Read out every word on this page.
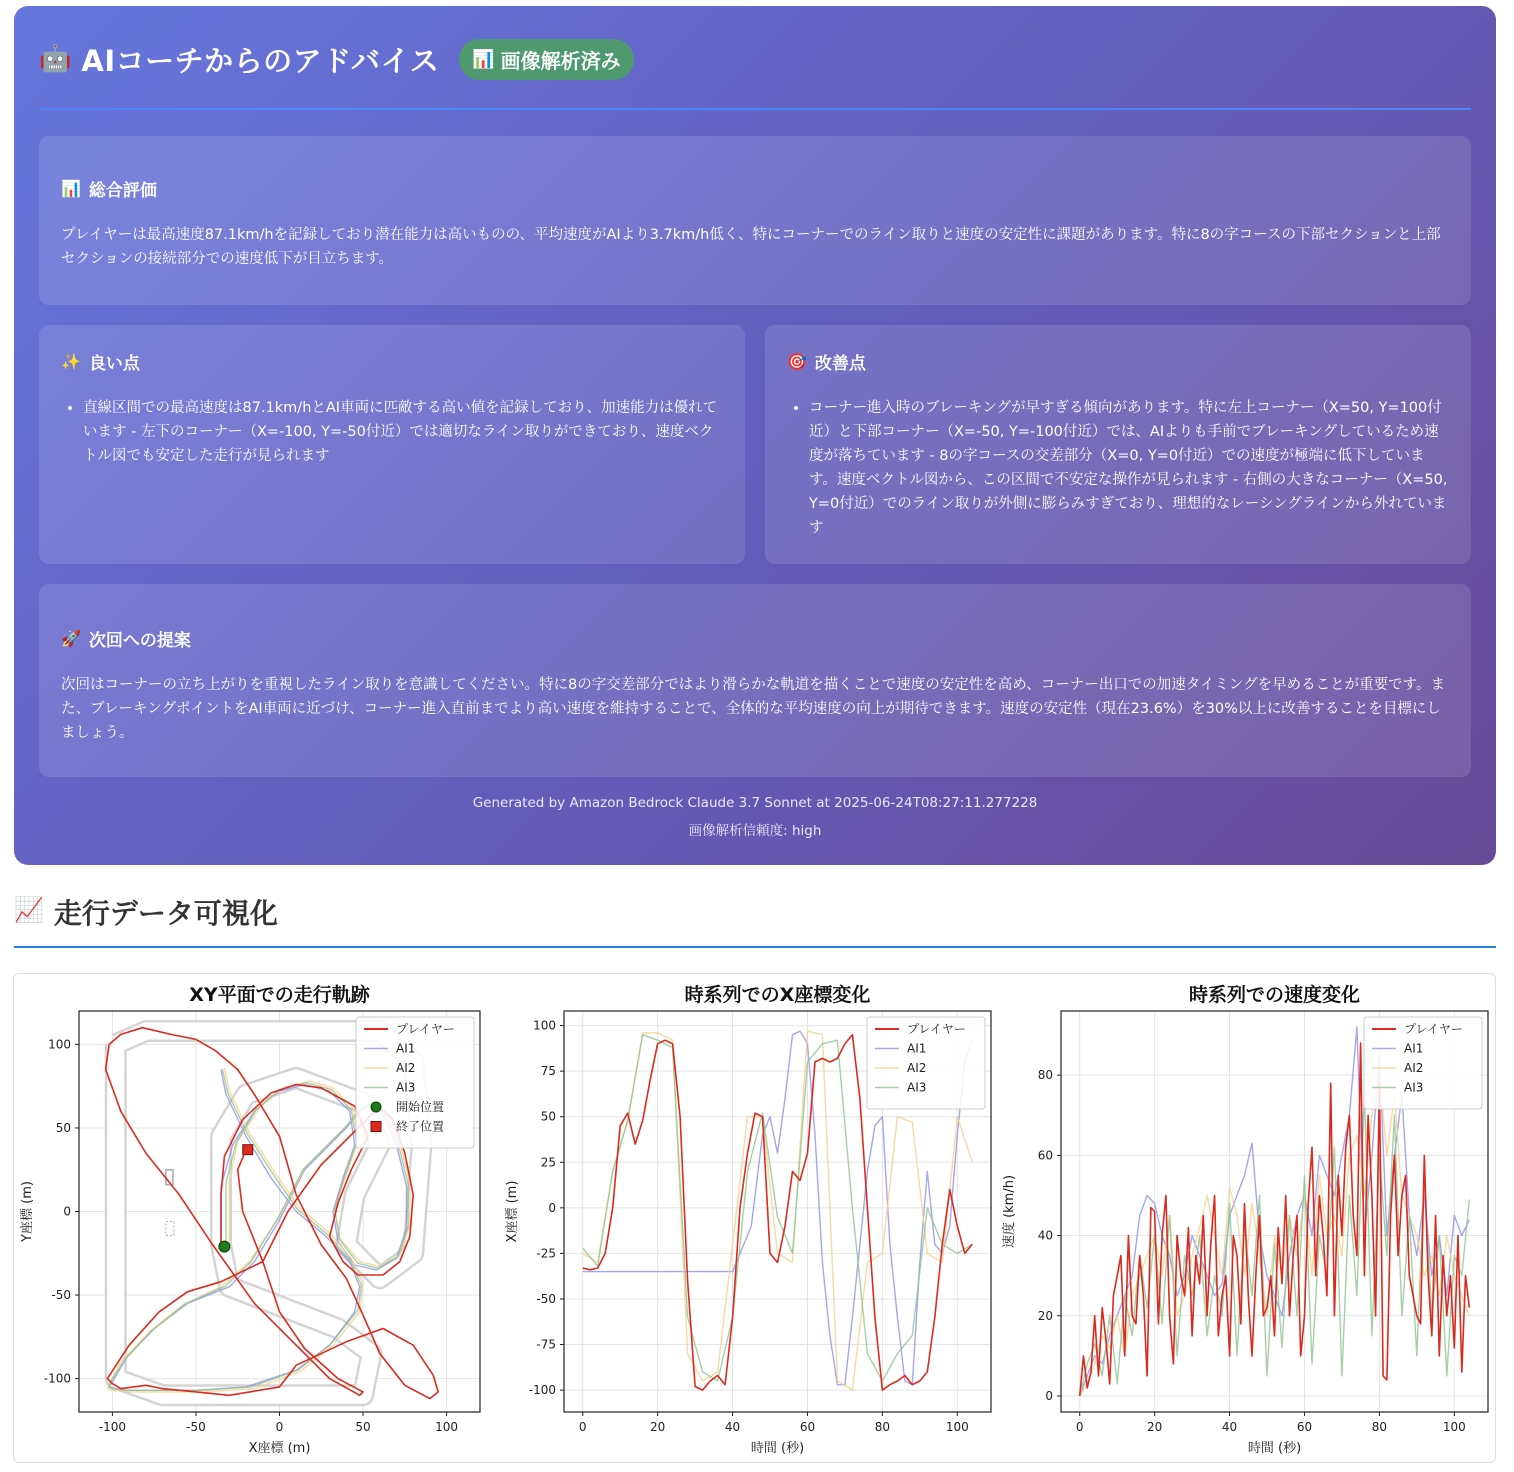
🤖 AIコーチからのアドバイス 📊 画像解析済み
📊 総合評価

プレイヤーは最高速度87.1km/hを記録しており潜在能力は高いものの、平均速度がAIより3.7km/h低く、特にコーナーでのライン取りと速度の安定性に課題があります。特に8の字コースの下部セクションと上部セクションの接続部分での速度低下が目立ちます。

✨ 良い点
• 直線区間での最高速度は87.1km/hとAI車両に匹敵する高い値を記録しており、加速能力は優れています - 左下のコーナー（X=-100, Y=-50付近）では適切なライン取りができており、速度ベクトル図でも安定した走行が見られます
🎯 改善点
• コーナー進入時のブレーキングが早すぎる傾向があります。特に左上コーナー（X=50, Y=100付近）と下部コーナー（X=-50, Y=-100付近）では、AIよりも手前でブレーキングしているため速度が落ちています - 8の字コースの交差部分（X=0, Y=0付近）での速度が極端に低下しています。速度ベクトル図から、この区間で不安定な操作が見られます - 右側の大きなコーナー（X=50, Y=0付近）でのライン取りが外側に膨らみすぎており、理想的なレーシングラインから外れています
🚀 次回への提案

次回はコーナーの立ち上がりを重視したライン取りを意識してください。特に8の字交差部分ではより滑らかな軌道を描くことで速度の安定性を高め、コーナー出口での加速タイミングを早めることが重要です。また、ブレーキングポイントをAI車両に近づけ、コーナー進入直前までより高い速度を維持することで、全体的な平均速度の向上が期待できます。速度の安定性（現在23.6%）を30%以上に改善することを目標にしましょう。

Generated by Amazon Bedrock Claude 3.7 Sonnet at 2025-06-24T08:27:11.277228
画像解析信頼度: high
📈 走行データ可視化
XY平面での走行軌跡
-100	-50	0	50	100
-100
-50
0
50
100
X座標 (m)
Y座標 (m)
プレイヤー
AI1
AI2
AI3
開始位置
終了位置
時系列でのX座標変化
0	20	40	60	80	100
-100
-75
-50
-25
0
25
50
75
100
時間 (秒)
X座標 (m)
プレイヤー
AI1
AI2
AI3
時系列での速度変化
0	20	40	60	80	100
0
20
40
60
80
時間 (秒)
速度 (km/h)
プレイヤー
AI1
AI2
AI3
